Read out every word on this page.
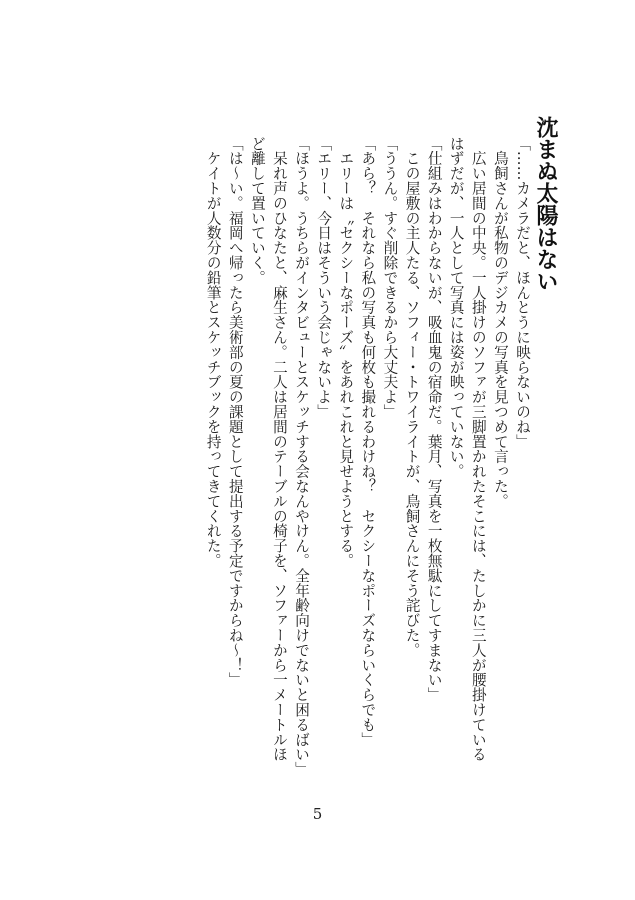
沈まぬ太陽はない
「……カメラだと、ほんとうに映らないのね」
　鳥飼さんが私物のデジカメの写真を見つめて言った。
　広い居間の中央。一人掛けのソファが三脚置かれたそこには、たしかに三人が腰掛けている
はずだが、一人として写真には姿が映っていない。
「仕組みはわからないが、吸血鬼の宿命だ。葉月、写真を一枚無駄にしてすまない」
　この屋敷の主人たる、ソフィー・トワイライトが、鳥飼さんにそう詫びた。
「ううん。すぐ削除できるから大丈夫よ」
「あら？　それなら私の写真も何枚も撮れるわけね？　セクシーなポーズならいくらでも」
　エリーは〝セクシーなポーズ〟をあれこれと見せようとする。
「エリー、今日はそういう会じゃないよ」
「ほうよ。うちらがインタビューとスケッチする会なんやけん。全年齢向けでないと困るばい」
　呆れ声のひなたと、麻生さん。二人は居間のテーブルの椅子を、ソファーから一メートルほ
ど離して置いていく。
「は～い。福岡へ帰ったら美術部の夏の課題として提出する予定ですからね～！」
　ケイトが人数分の鉛筆とスケッチブックを持ってきてくれた。
5
